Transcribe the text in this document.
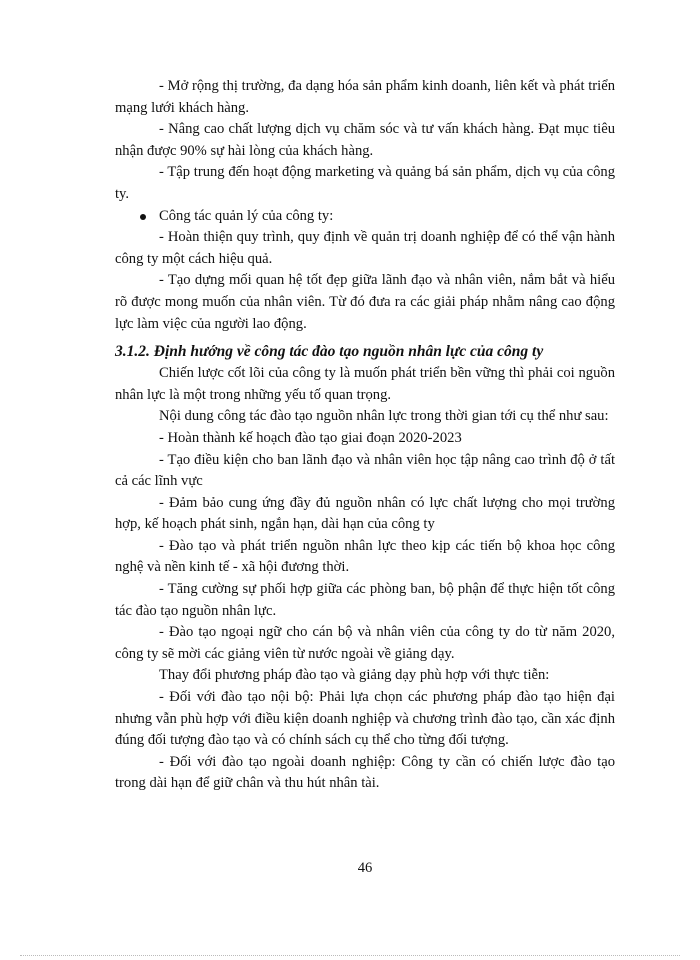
- Mở rộng thị trường, đa dạng hóa sản phẩm kinh doanh, liên kết và phát triển mạng lưới khách hàng.

- Nâng cao chất lượng dịch vụ chăm sóc và tư vấn khách hàng. Đạt mục tiêu nhận được 90% sự hài lòng của khách hàng.

- Tập trung đến hoạt động marketing và quảng bá sản phẩm, dịch vụ của công ty.

Công tác quản lý của công ty:

- Hoàn thiện quy trình, quy định về quản trị doanh nghiệp để có thể vận hành công ty một cách hiệu quả.

- Tạo dựng mối quan hệ tốt đẹp giữa lãnh đạo và nhân viên, nắm bắt và hiểu rõ được mong muốn của nhân viên. Từ đó đưa ra các giải pháp nhằm nâng cao động lực làm việc của người lao động.

3.1.2. Định hướng về công tác đào tạo nguồn nhân lực của công ty

Chiến lược cốt lõi của công ty là muốn phát triển bền vững thì phải coi nguồn nhân lực là một trong những yếu tố quan trọng.

Nội dung công tác đào tạo nguồn nhân lực trong thời gian tới cụ thể như sau:

- Hoàn thành kế hoạch đào tạo giai đoạn 2020-2023

- Tạo điều kiện cho ban lãnh đạo và nhân viên học tập nâng cao trình độ ở tất cả các lĩnh vực

- Đảm bảo cung ứng đầy đủ nguồn nhân có lực chất lượng cho mọi trường hợp, kế hoạch phát sinh, ngắn hạn, dài hạn của công ty

- Đào tạo và phát triển nguồn nhân lực theo kịp các tiến bộ khoa học công nghệ và nền kinh tế - xã hội đương thời.

- Tăng cường sự phối hợp giữa các phòng ban, bộ phận để thực hiện tốt công tác đào tạo nguồn nhân lực.

- Đào tạo ngoại ngữ cho cán bộ và nhân viên của công ty do từ năm 2020, công ty sẽ mời các giảng viên từ nước ngoài về giảng dạy.

Thay đổi phương pháp đào tạo và giảng dạy phù hợp với thực tiễn:

- Đối với đào tạo nội bộ: Phải lựa chọn các phương pháp đào tạo hiện đại nhưng vẫn phù hợp với điều kiện doanh nghiệp và chương trình đào tạo, cần xác định đúng đối tượng đào tạo và có chính sách cụ thể cho từng đối tượng.

- Đối với đào tạo ngoài doanh nghiệp: Công ty cần có chiến lược đào tạo trong dài hạn để giữ chân và thu hút nhân tài.

46
